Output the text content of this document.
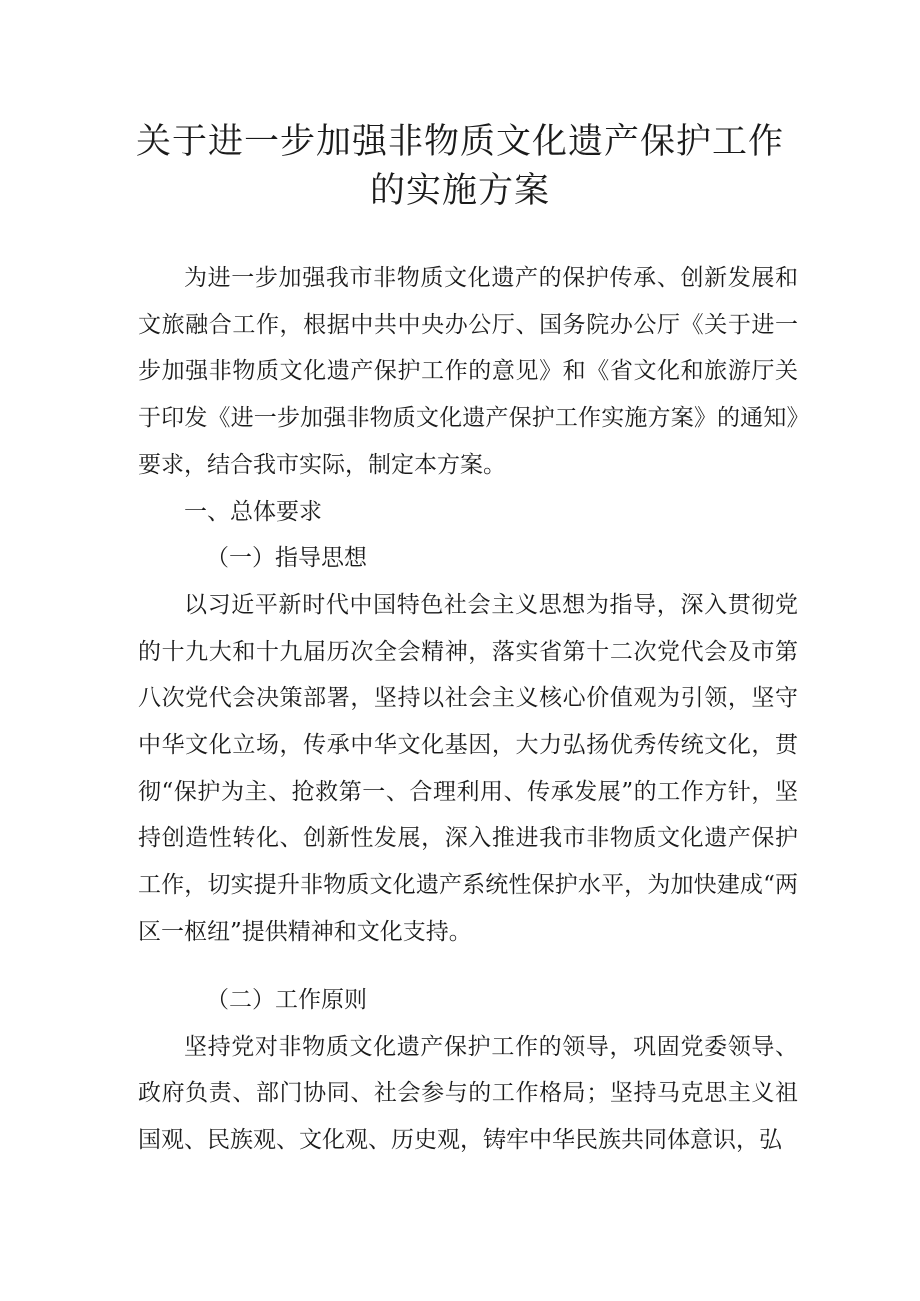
关于进一步加强非物质文化遗产保护工作
的实施方案

为进一步加强我市非物质文化遗产的保护传承、创新发展和文旅融合工作，根据中共中央办公厅、国务院办公厅《关于进一步加强非物质文化遗产保护工作的意见》和《省文化和旅游厅关于印发《进一步加强非物质文化遗产保护工作实施方案》的通知》要求，结合我市实际，制定本方案。

一、总体要求

（一）指导思想

以习近平新时代中国特色社会主义思想为指导，深入贯彻党的十九大和十九届历次全会精神，落实省第十二次党代会及市第八次党代会决策部署，坚持以社会主义核心价值观为引领，坚守中华文化立场，传承中华文化基因，大力弘扬优秀传统文化，贯彻“保护为主、抢救第一、合理利用、传承发展”的工作方针，坚持创造性转化、创新性发展，深入推进我市非物质文化遗产保护工作，切实提升非物质文化遗产系统性保护水平，为加快建成“两区一枢纽”提供精神和文化支持。

（二）工作原则

坚持党对非物质文化遗产保护工作的领导，巩固党委领导、政府负责、部门协同、社会参与的工作格局；坚持马克思主义祖国观、民族观、文化观、历史观，铸牢中华民族共同体意识，弘
